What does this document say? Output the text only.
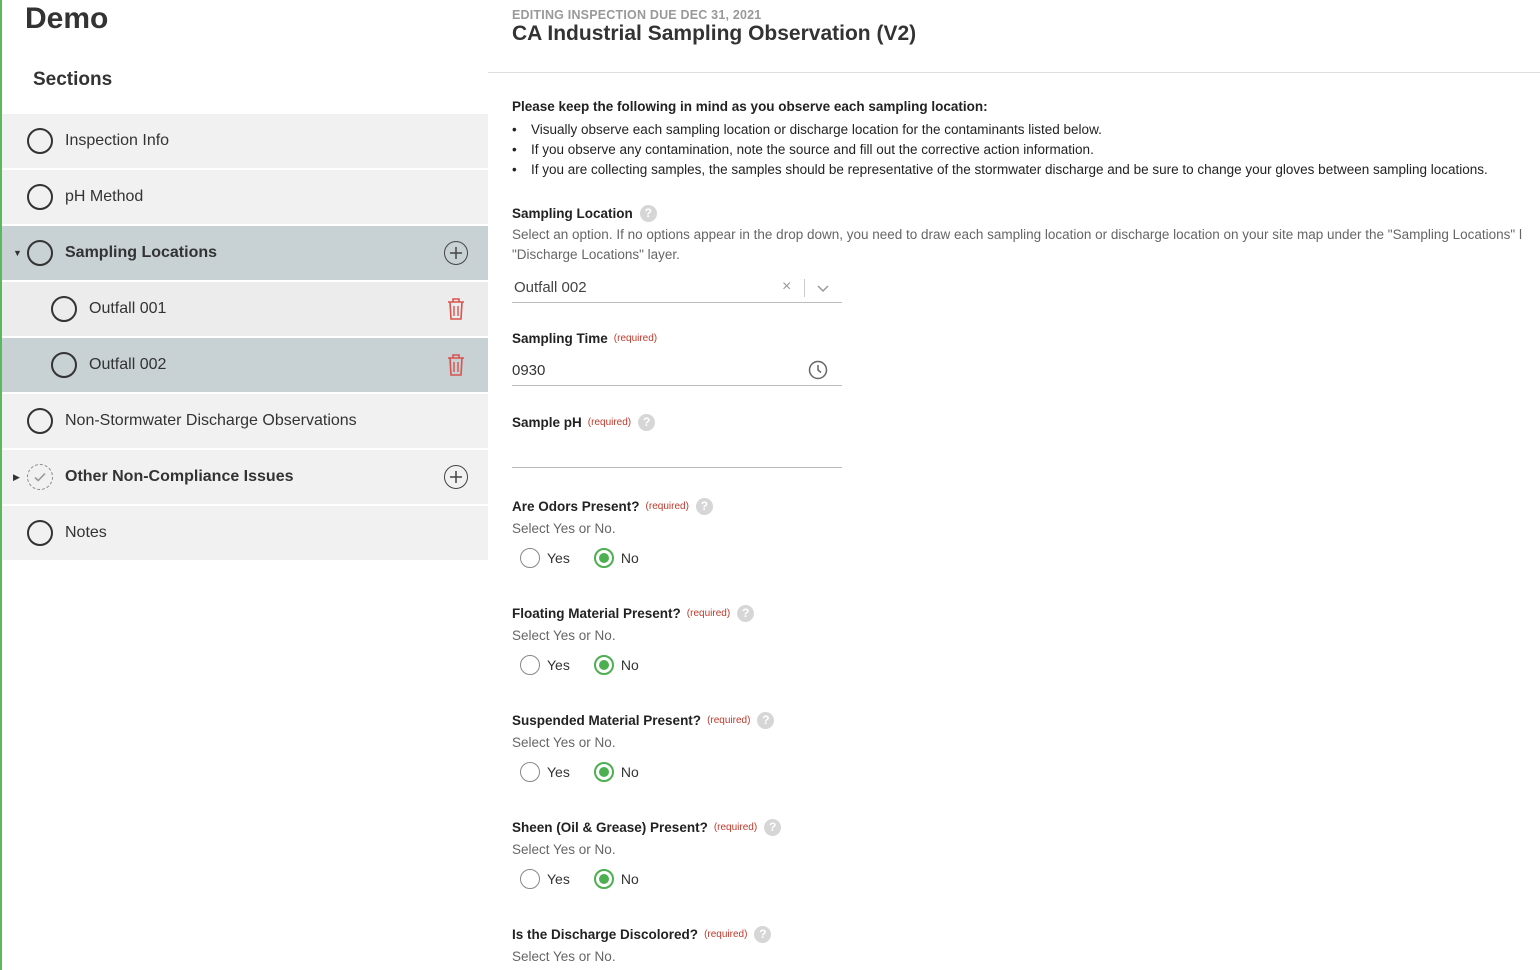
Demo
Sections
Inspection Info
pH Method
▼	Sampling Locations
Outfall 001
Outfall 002
Non-Stormwater Discharge Observations
▶	Other Non-Compliance Issues
Notes
EDITING INSPECTION DUE DEC 31, 2021
CA Industrial Sampling Observation (V2)
Please keep the following in mind as you observe each sampling location:
• Visually observe each sampling location or discharge location for the contaminants listed below.
• If you observe any contamination, note the source and fill out the corrective action information.
• If you are collecting samples, the samples should be representative of the stormwater discharge and be sure to change your gloves between sampling locations.
Sampling Location ?
Select an option. If no options appear in the drop down, you need to draw each sampling location or discharge location on your site map under the "Sampling Locations" l
"Discharge Locations" layer.
Outfall 002	×
Sampling Time (required)
0930
Sample pH (required) ?
Are Odors Present? (required) ?
Select Yes or No.
Yes	No
Floating Material Present? (required) ?
Select Yes or No.
Yes	No
Suspended Material Present? (required) ?
Select Yes or No.
Yes	No
Sheen (Oil & Grease) Present? (required) ?
Select Yes or No.
Yes	No
Is the Discharge Discolored? (required) ?
Select Yes or No.
